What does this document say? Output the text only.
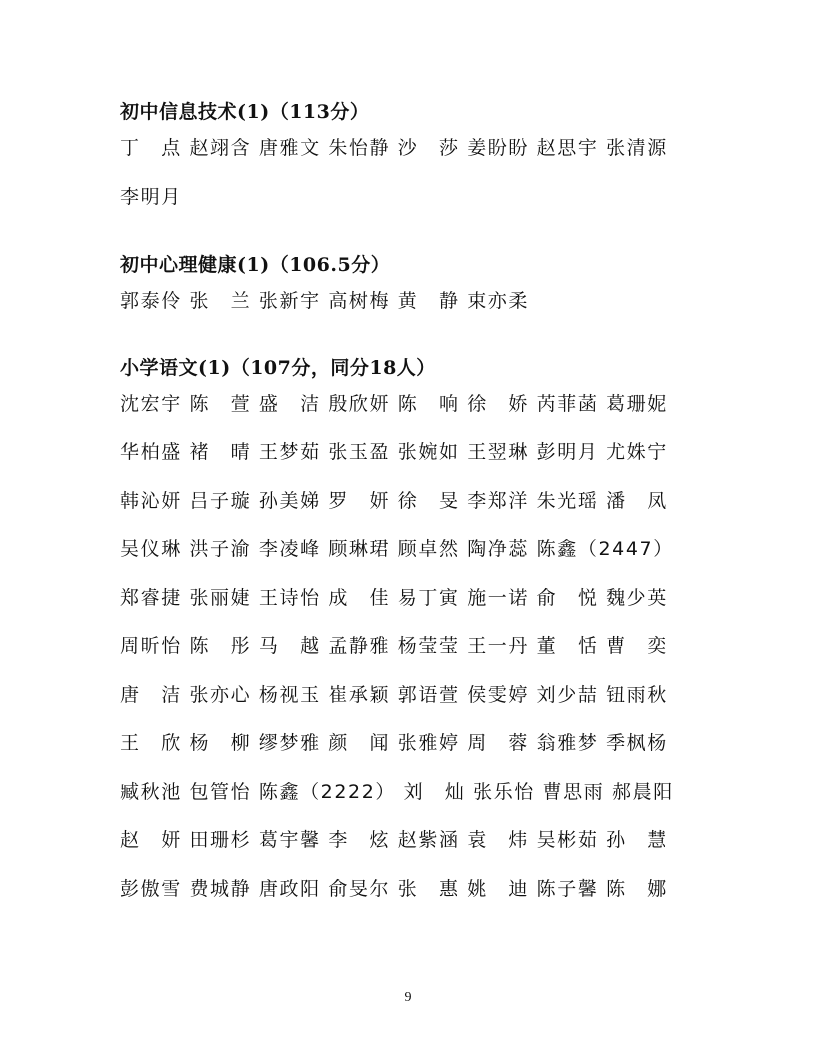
初中信息技术(1)（113分）
丁　点 赵翊含 唐雅文 朱怡静 沙　莎 姜盼盼 赵思宇 张清源
李明月
初中心理健康(1)（106.5分）
郭泰伶 张　兰 张新宇 高树梅 黄　静 束亦柔
小学语文(1)（107分，同分18人）
沈宏宇 陈　萱 盛　洁 殷欣妍 陈　响 徐　娇 芮菲菡 葛珊妮
华柏盛 褚　晴 王梦茹 张玉盈 张婉如 王翌琳 彭明月 尤姝宁
韩沁妍 吕子璇 孙美娣 罗　妍 徐　旻 李郑洋 朱光瑶 潘　凤
吴仪琳 洪子渝 李凌峰 顾琳珺 顾卓然 陶净蕊 陈鑫（2447）
郑睿捷 张丽婕 王诗怡 成　佳 易丁寅 施一诺 俞　悦 魏少英
周昕怡 陈　彤 马　越 孟静雅 杨莹莹 王一丹 董　恬 曹　奕
唐　洁 张亦心 杨视玉 崔承颖 郭语萱 侯雯婷 刘少喆 钮雨秋
王　欣 杨　柳 缪梦雅 颜　闻 张雅婷 周　蓉 翁雅梦 季枫杨
臧秋池 包管怡 陈鑫（2222） 刘　灿 张乐怡 曹思雨 郝晨阳
赵　妍 田珊杉 葛宇馨 李　炫 赵紫涵 袁　炜 吴彬茹 孙　慧
彭傲雪 费城静 唐政阳 俞旻尔 张　惠 姚　迪 陈子馨 陈　娜
9
